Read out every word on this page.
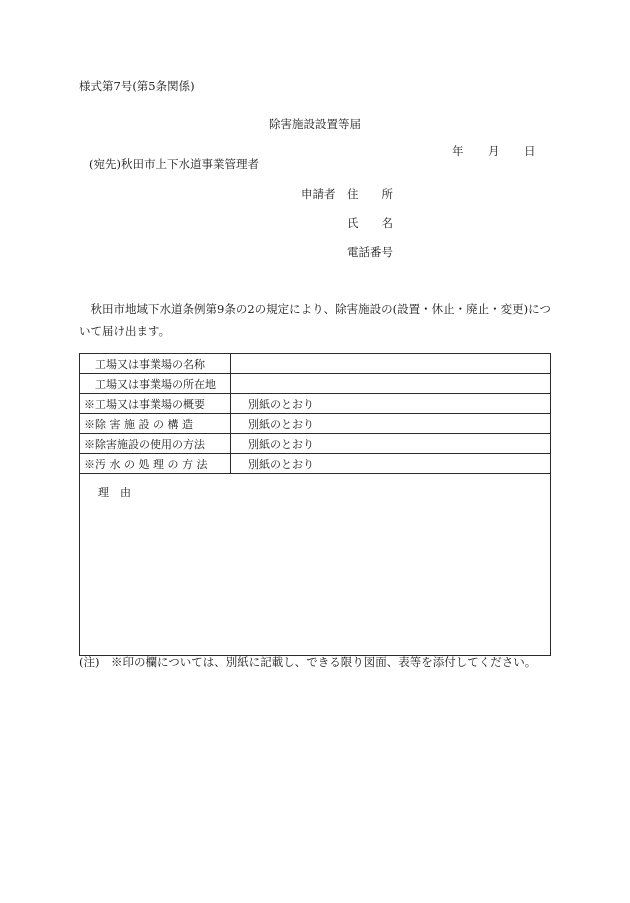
様式第7号(第5条関係)
除害施設設置等届
年 月 日
(宛先)秋田市上下水道事業管理者
申請者 住　　所
氏　　名
電話番号
秋田市地域下水道条例第9条の2の規定により、除害施設の(設置・休止・廃止・変更)について届け出ます。
　工場又は事業場の名称	
　工場又は事業場の所在地	
※工場又は事業場の概要	別紙のとおり
※除 害 施 設 の 構 造	別紙のとおり
※除害施設の使用の方法	別紙のとおり
※汚 水 の 処 理 の 方 法	別紙のとおり
理　由	
(注)　※印の欄については、別紙に記載し、できる限り図面、表等を添付してください。
